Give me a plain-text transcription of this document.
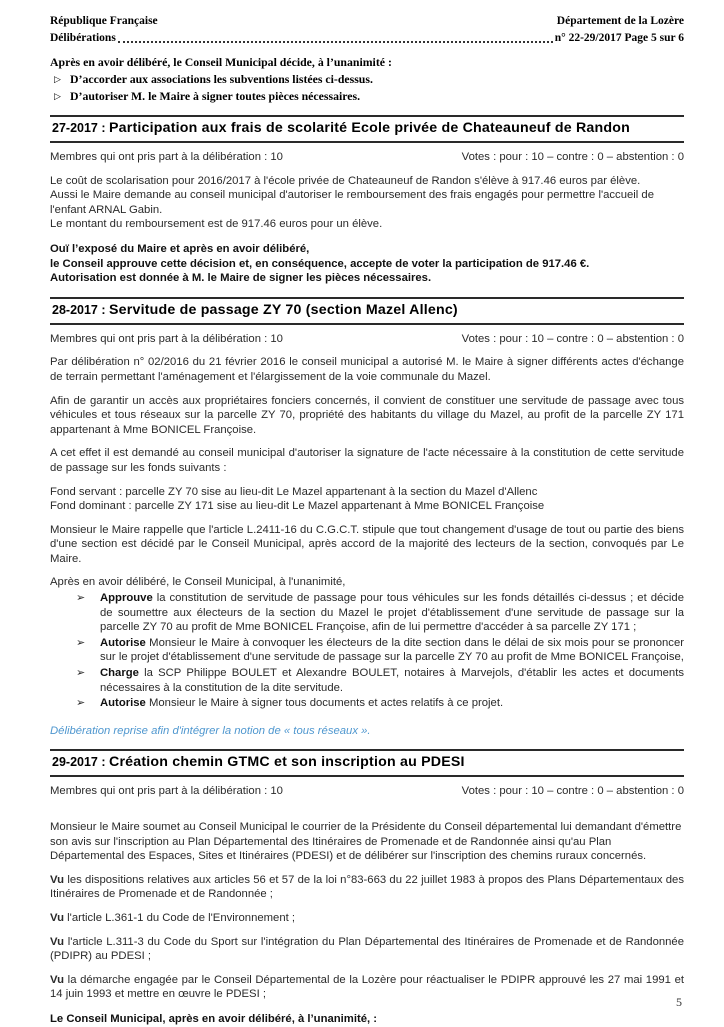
République Française	Département de la Lozère
Délibérations	n° 22-29/2017 Page 5 sur 6
Après en avoir délibéré, le Conseil Municipal décide, à l’unanimité :
▷ D’accorder aux associations les subventions listées ci-dessus.
▷ D’autoriser M. le Maire à signer toutes pièces nécessaires.
27-2017 : Participation aux frais de scolarité Ecole privée de Chateauneuf de Randon
Membres qui ont pris part à la délibération : 10	Votes : pour : 10 – contre : 0 – abstention : 0
Le coût de scolarisation pour 2016/2017 à l'école privée de Chateauneuf de Randon s'élève à 917.46 euros par élève.
Aussi le Maire demande au conseil municipal d'autoriser le remboursement des frais engagés pour permettre l'accueil de l'enfant ARNAL Gabin.
Le montant du remboursement est de 917.46 euros pour un élève.
Ouï l’exposé du Maire et après en avoir délibéré,
le Conseil approuve cette décision et, en conséquence, accepte de voter la participation de 917.46 €.
Autorisation est donnée à M. le Maire de signer les pièces nécessaires.
28-2017 : Servitude de passage ZY 70 (section Mazel Allenc)
Membres qui ont pris part à la délibération : 10	Votes : pour : 10 – contre : 0 – abstention : 0
Par délibération n° 02/2016 du 21 février 2016 le conseil municipal a autorisé M. le Maire à signer différents actes d'échange de terrain permettant l'aménagement et l'élargissement de la voie communale du Mazel.
Afin de garantir un accès aux propriétaires fonciers concernés, il convient de constituer une servitude de passage avec tous véhicules et tous réseaux sur la parcelle ZY 70, propriété des habitants du village du Mazel, au profit de la parcelle ZY 171 appartenant à Mme BONICEL Françoise.
A cet effet il est demandé au conseil municipal d'autoriser la signature de l'acte nécessaire à la constitution de cette servitude de passage sur les fonds suivants :
Fond servant : parcelle ZY 70 sise au lieu-dit Le Mazel appartenant à la section du Mazel d'Allenc
Fond dominant : parcelle ZY 171 sise au lieu-dit Le Mazel appartenant à Mme BONICEL Françoise
Monsieur le Maire rappelle que l'article L.2411-16 du C.G.C.T. stipule que tout changement d'usage de tout ou partie des biens d'une section est décidé par le Conseil Municipal, après accord de la majorité des lecteurs de la section, convoqués par Le Maire.
Après en avoir délibéré, le Conseil Municipal, à l'unanimité,
➢	Approuve la constitution de servitude de passage pour tous véhicules sur les fonds détaillés ci-dessus ; et décide de soumettre aux électeurs de la section du Mazel le projet d'établissement d'une servitude de passage sur la parcelle ZY 70 au profit de Mme BONICEL Françoise, afin de lui permettre d'accéder à sa parcelle ZY 171 ;
➢	Autorise Monsieur le Maire à convoquer les électeurs de la dite section dans le délai de six mois pour se prononcer sur le projet d'établissement d'une servitude de passage sur la parcelle ZY 70 au profit de Mme BONICEL Françoise,
➢	Charge la SCP Philippe BOULET et Alexandre BOULET, notaires à Marvejols, d'établir les actes et documents nécessaires à la constitution de la dite servitude.
➢	Autorise Monsieur le Maire à signer tous documents et actes relatifs à ce projet.
Délibération reprise afin d'intégrer la notion de « tous réseaux ».
29-2017 : Création chemin GTMC et son inscription au PDESI
Membres qui ont pris part à la délibération : 10	Votes : pour : 10 – contre : 0 – abstention : 0
Monsieur le Maire soumet au Conseil Municipal le courrier de la Présidente du Conseil départemental lui demandant d'émettre son avis sur l'inscription au Plan Départemental des Itinéraires de Promenade et de Randonnée ainsi qu'au Plan Départemental des Espaces, Sites et Itinéraires (PDESI) et de délibérer sur l'inscription des chemins ruraux concernés.
Vu les dispositions relatives aux articles 56 et 57 de la loi n°83-663 du 22 juillet 1983 à propos des Plans Départementaux des Itinéraires de Promenade et de Randonnée ;
Vu l'article L.361-1 du Code de l'Environnement ;
Vu l'article L.311-3 du Code du Sport sur l'intégration du Plan Départemental des Itinéraires de Promenade et de Randonnée (PDIPR) au PDESI ;
Vu la démarche engagée par le Conseil Départemental de la Lozère pour réactualiser le PDIPR approuvé les 27 mai 1991 et 14 juin 1993 et mettre en œuvre le PDESI ;
Le Conseil Municipal, après en avoir délibéré, à l’unanimité, :
5
